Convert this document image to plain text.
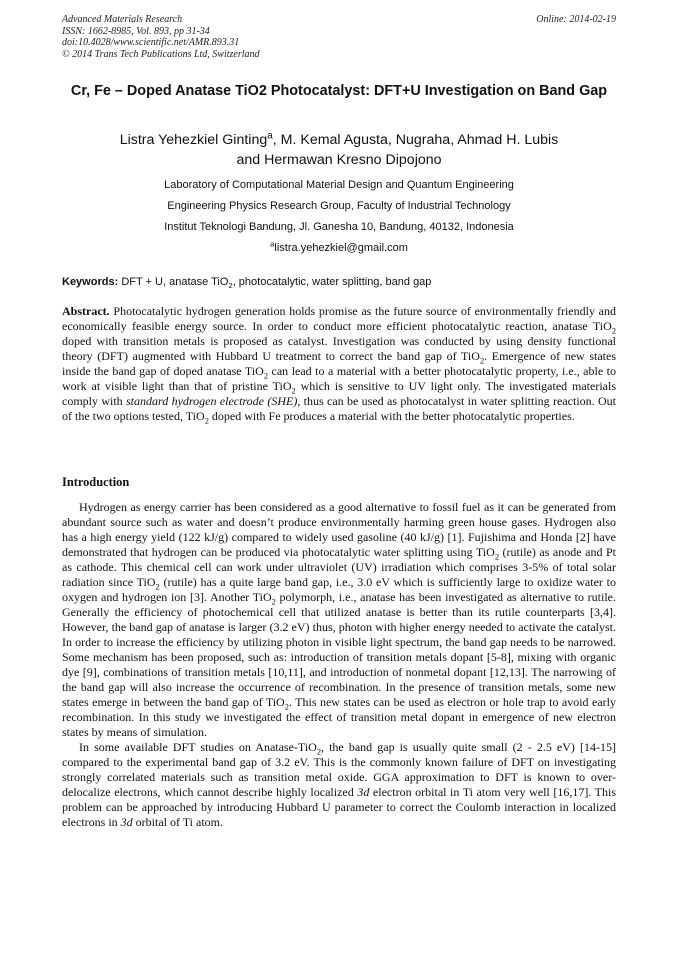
Advanced Materials Research
ISSN: 1662-8985, Vol. 893, pp 31-34
doi:10.4028/www.scientific.net/AMR.893.31
© 2014 Trans Tech Publications Ltd, Switzerland
Online: 2014-02-19
Cr, Fe – Doped Anatase TiO2 Photocatalyst: DFT+U Investigation on Band Gap
Listra Yehezkiel Ginting$^a$, M. Kemal Agusta, Nugraha, Ahmad H. Lubis
and Hermawan Kresno Dipojono
Laboratory of Computational Material Design and Quantum Engineering
Engineering Physics Research Group, Faculty of Industrial Technology
Institut Teknologi Bandung, Jl. Ganesha 10, Bandung, 40132, Indonesia
$^a$listra.yehezkiel@gmail.com
Keywords: DFT + U, anatase TiO$_2$, photocatalytic, water splitting, band gap
Abstract. Photocatalytic hydrogen generation holds promise as the future source of environmentally friendly and economically feasible energy source. In order to conduct more efficient photocatalytic reaction, anatase TiO$_2$ doped with transition metals is proposed as catalyst. Investigation was conducted by using density functional theory (DFT) augmented with Hubbard U treatment to correct the band gap of TiO$_2$. Emergence of new states inside the band gap of doped anatase TiO$_2$ can lead to a material with a better photocatalytic property, i.e., able to work at visible light than that of pristine TiO$_2$ which is sensitive to UV light only. The investigated materials comply with standard hydrogen electrode (SHE), thus can be used as photocatalyst in water splitting reaction. Out of the two options tested, TiO$_2$ doped with Fe produces a material with the better photocatalytic properties.
Introduction

Hydrogen as energy carrier has been considered as a good alternative to fossil fuel as it can be generated from abundant source such as water and doesn’t produce environmentally harming green house gases. Hydrogen also has a high energy yield (122 kJ/g) compared to widely used gasoline (40 kJ/g) [1]. Fujishima and Honda [2] have demonstrated that hydrogen can be produced via photocatalytic water splitting using TiO$_2$ (rutile) as anode and Pt as cathode. This chemical cell can work under ultraviolet (UV) irradiation which comprises 3-5% of total solar radiation since TiO$_2$ (rutile) has a quite large band gap, i.e., 3.0 eV which is sufficiently large to oxidize water to oxygen and hydrogen ion [3]. Another TiO$_2$ polymorph, i.e., anatase has been investigated as alternative to rutile. Generally the efficiency of photochemical cell that utilized anatase is better than its rutile counterparts [3,4]. However, the band gap of anatase is larger (3.2 eV) thus, photon with higher energy needed to activate the catalyst. In order to increase the efficiency by utilizing photon in visible light spectrum, the band gap needs to be narrowed. Some mechanism has been proposed, such as: introduction of transition metals dopant [5-8], mixing with organic dye [9], combinations of transition metals [10,11], and introduction of nonmetal dopant [12,13]. The narrowing of the band gap will also increase the occurrence of recombination. In the presence of transition metals, some new states emerge in between the band gap of TiO$_2$. This new states can be used as electron or hole trap to avoid early recombination. In this study we investigated the effect of transition metal dopant in emergence of new electron states by means of simulation.

In some available DFT studies on Anatase-TiO$_2$, the band gap is usually quite small (2 - 2.5 eV) [14-15] compared to the experimental band gap of 3.2 eV. This is the commonly known failure of DFT on investigating strongly correlated materials such as transition metal oxide. GGA approximation to DFT is known to over-delocalize electrons, which cannot describe highly localized 3d electron orbital in Ti atom very well [16,17]. This problem can be approached by introducing Hubbard U parameter to correct the Coulomb interaction in localized electrons in 3d orbital of Ti atom.
